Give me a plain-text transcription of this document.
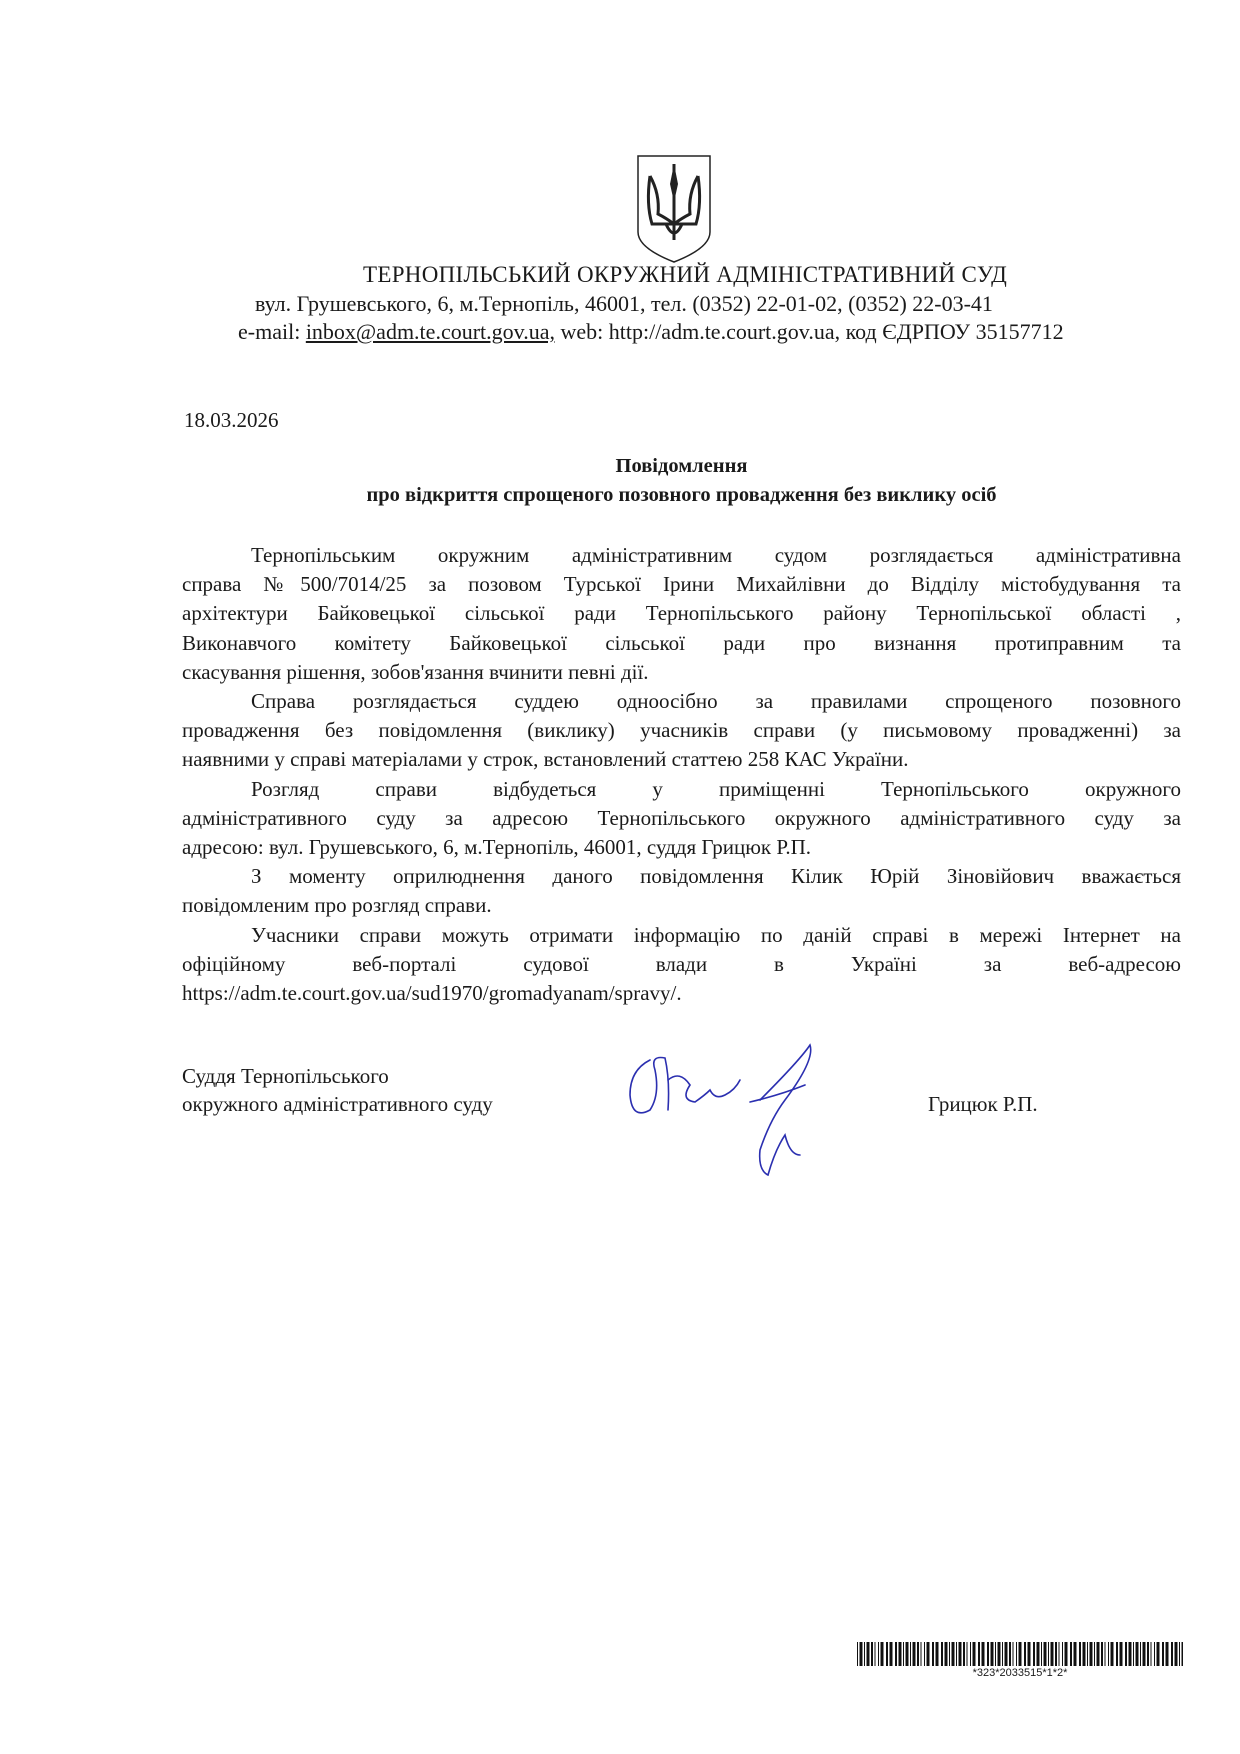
ТЕРНОПІЛЬСЬКИЙ ОКРУЖНИЙ АДМІНІСТРАТИВНИЙ СУД
вул. Грушевського, 6, м.Тернопіль, 46001, тел. (0352) 22-01-02, (0352) 22-03-41
e-mail: inbox@adm.te.court.gov.ua, web: http://adm.te.court.gov.ua, код ЄДРПОУ 35157712
18.03.2026
Повідомлення
про відкриття спрощеного позовного провадження без виклику осіб
Тернопільським окружним адміністративним судом розглядається адміністративна
справа №500/7014/25 за позовом Турської Ірини Михайлівни до Відділу містобудування та
архітектури Байковецької сільської ради Тернопільського району Тернопільської області ,
Виконавчого комітету Байковецької сільської ради про визнання протиправним та
скасування рішення, зобов'язання вчинити певні дії.
Справа розглядається суддею одноосібно за правилами спрощеного позовного
провадження без повідомлення (виклику) учасників справи (у письмовому провадженні) за
наявними у справі матеріалами у строк, встановлений статтею 258 КАС України.
Розгляд справи відбудеться у приміщенні Тернопільського окружного
адміністративного суду за адресою Тернопільського окружного адміністративного суду за
адресою: вул. Грушевського, 6, м.Тернопіль, 46001, суддя Грицюк Р.П.
З моменту оприлюднення даного повідомлення Кілик Юрій Зіновійович вважається
повідомленим про розгляд справи.
Учасники справи можуть отримати інформацію по даній справі в мережі Інтернет на
офіційному веб-порталі судової влади в Україні за веб-адресою
https://adm.te.court.gov.ua/sud1970/gromadyanam/spravy/.
Суддя Тернопільського
окружного адміністративного суду	Грицюк Р.П.
*323*2033515*1*2*
